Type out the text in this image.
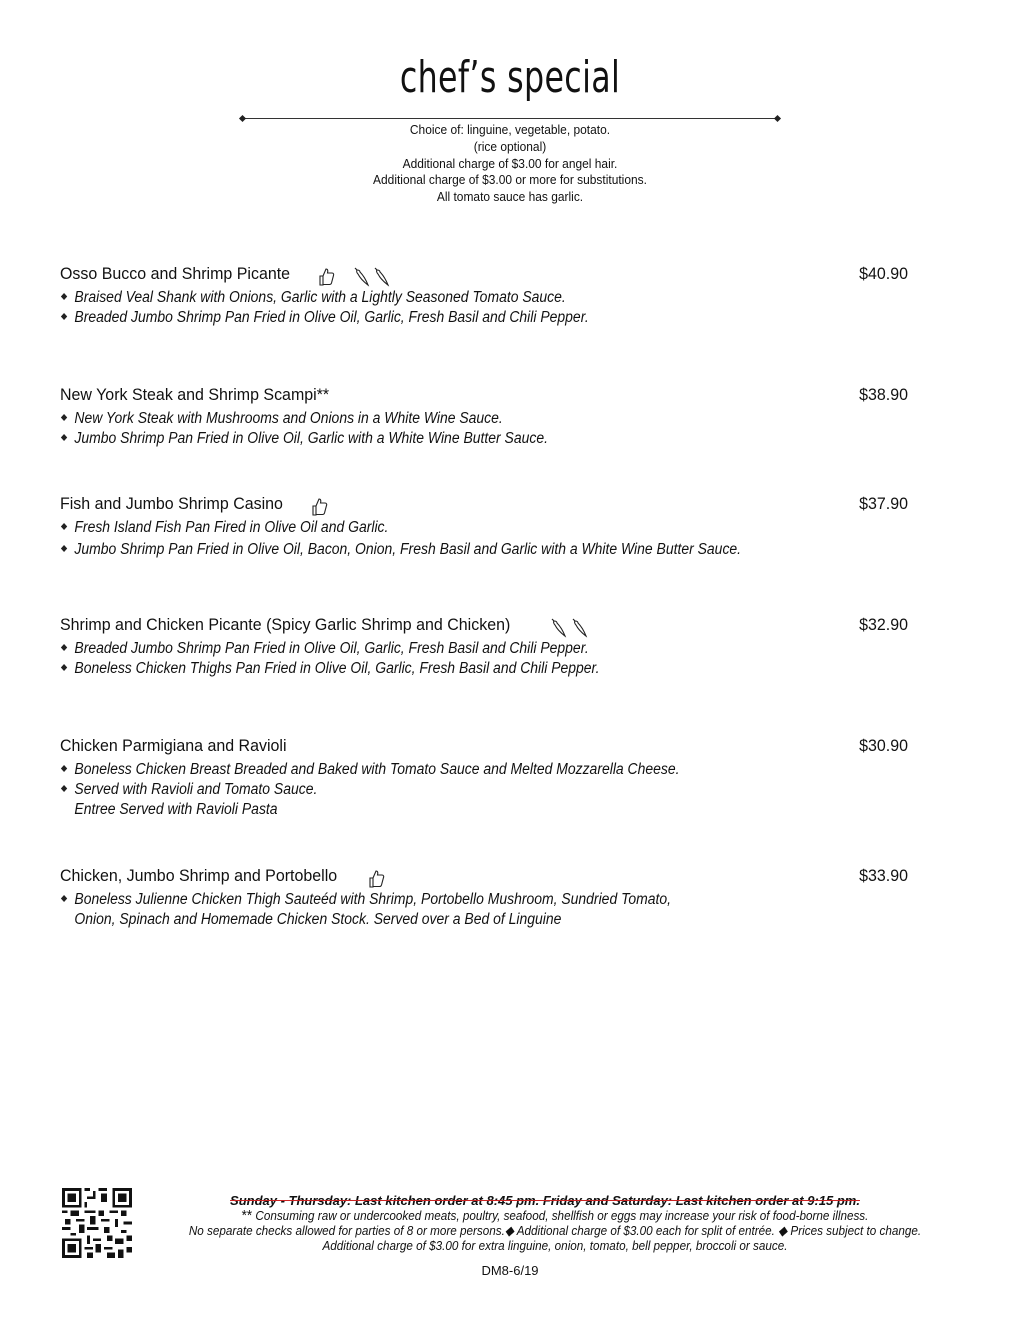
chef’s special
Choice of: linguine, vegetable, potato.
(rice optional)
Additional charge of $3.00 for angel hair.
Additional charge of $3.00 or more for substitutions.
All tomato sauce has garlic.
Osso Bucco and Shrimp Picante	$40.90
Braised Veal Shank with Onions, Garlic with a Lightly Seasoned Tomato Sauce.
Breaded Jumbo Shrimp Pan Fried in Olive Oil, Garlic, Fresh Basil and Chili Pepper.
New York Steak and Shrimp Scampi**	$38.90
New York Steak with Mushrooms and Onions in a White Wine Sauce.
Jumbo Shrimp Pan Fried in Olive Oil, Garlic with a White Wine Butter Sauce.
Fish and Jumbo Shrimp Casino	$37.90
Fresh Island Fish Pan Fired in Olive Oil and Garlic.
Jumbo Shrimp Pan Fried in Olive Oil, Bacon, Onion, Fresh Basil and Garlic with a White Wine Butter Sauce.
Shrimp and Chicken Picante (Spicy Garlic Shrimp and Chicken)	$32.90
Breaded Jumbo Shrimp Pan Fried in Olive Oil, Garlic, Fresh Basil and Chili Pepper.
Boneless Chicken Thighs Pan Fried in Olive Oil, Garlic, Fresh Basil and Chili Pepper.
Chicken Parmigiana and Ravioli	$30.90
Boneless Chicken Breast Breaded and Baked with Tomato Sauce and Melted Mozzarella Cheese.
Served with Ravioli and Tomato Sauce.
Entree Served with Ravioli Pasta
Chicken, Jumbo Shrimp and Portobello	$33.90
Boneless Julienne Chicken Thigh Sauteéd with Shrimp, Portobello Mushroom, Sundried Tomato,
Onion, Spinach and Homemade Chicken Stock. Served over a Bed of Linguine
Sunday - Thursday: Last kitchen order at 8:45 pm. Friday and Saturday: Last kitchen order at 9:15 pm.
** Consuming raw or undercooked meats, poultry, seafood, shellfish or eggs may increase your risk of food-borne illness.
No separate checks allowed for parties of 8 or more persons.◆ Additional charge of $3.00 each for split of entrée. ◆ Prices subject to change.
Additional charge of $3.00 for extra linguine, onion, tomato, bell pepper, broccoli or sauce.
DM8-6/19
